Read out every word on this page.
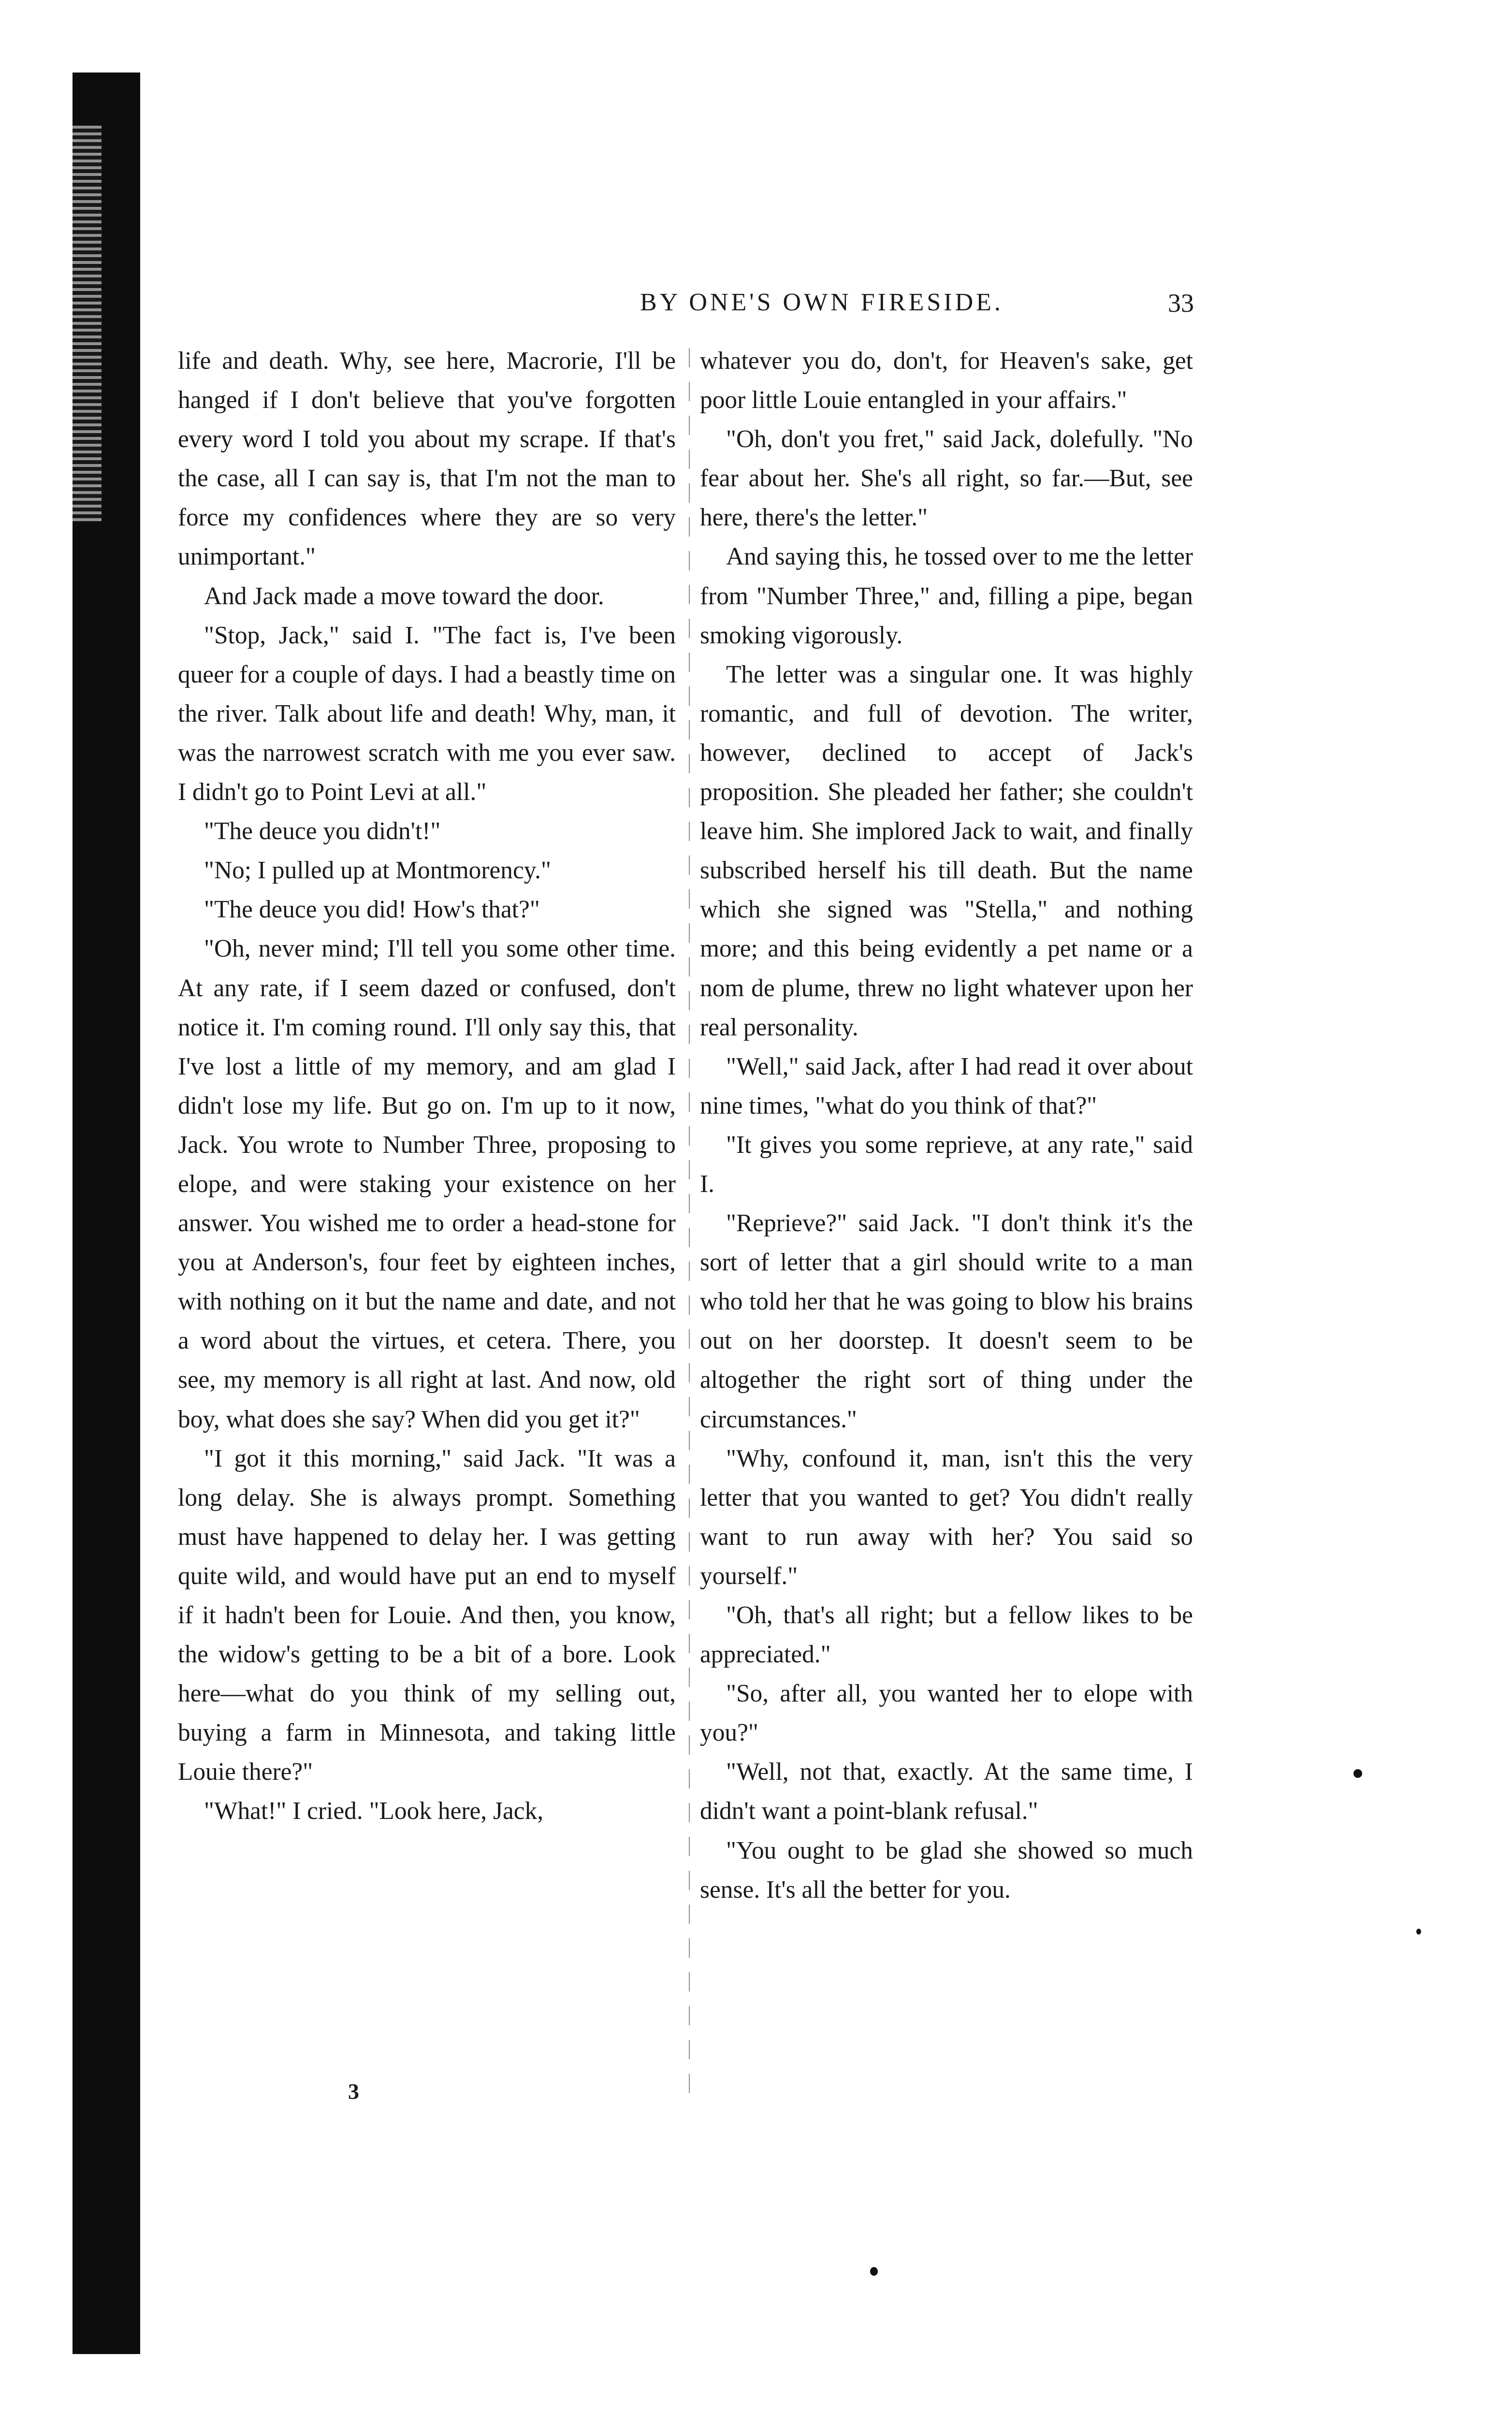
BY ONE'S OWN FIRESIDE.	33

life and death. Why, see here, Macrorie, I'll be hanged if I don't believe that you've forgotten every word I told you about my scrape. If that's the case, all I can say is, that I'm not the man to force my confidences where they are so very unimportant."

And Jack made a move toward the door.

"Stop, Jack," said I. "The fact is, I've been queer for a couple of days. I had a beastly time on the river. Talk about life and death! Why, man, it was the narrowest scratch with me you ever saw. I didn't go to Point Levi at all."

"The deuce you didn't!"

"No; I pulled up at Montmorency."

"The deuce you did! How's that?"

"Oh, never mind; I'll tell you some other time. At any rate, if I seem dazed or confused, don't notice it. I'm coming round. I'll only say this, that I've lost a little of my memory, and am glad I didn't lose my life. But go on. I'm up to it now, Jack. You wrote to Number Three, proposing to elope, and were staking your existence on her answer. You wished me to order a head-stone for you at Anderson's, four feet by eighteen inches, with nothing on it but the name and date, and not a word about the virtues, et cetera. There, you see, my memory is all right at last. And now, old boy, what does she say? When did you get it?"

"I got it this morning," said Jack. "It was a long delay. She is always prompt. Something must have happened to delay her. I was getting quite wild, and would have put an end to myself if it hadn't been for Louie. And then, you know, the widow's getting to be a bit of a bore. Look here—what do you think of my selling out, buying a farm in Minnesota, and taking little Louie there?"

"What!" I cried. "Look here, Jack,

whatever you do, don't, for Heaven's sake, get poor little Louie entangled in your affairs."

"Oh, don't you fret," said Jack, dolefully. "No fear about her. She's all right, so far.—But, see here, there's the letter."

And saying this, he tossed over to me the letter from "Number Three," and, filling a pipe, began smoking vigorously.

The letter was a singular one. It was highly romantic, and full of devotion. The writer, however, declined to accept of Jack's proposition. She pleaded her father; she couldn't leave him. She implored Jack to wait, and finally subscribed herself his till death. But the name which she signed was "Stella," and nothing more; and this being evidently a pet name or a nom de plume, threw no light whatever upon her real personality.

"Well," said Jack, after I had read it over about nine times, "what do you think of that?"

"It gives you some reprieve, at any rate," said I.

"Reprieve?" said Jack. "I don't think it's the sort of letter that a girl should write to a man who told her that he was going to blow his brains out on her doorstep. It doesn't seem to be altogether the right sort of thing under the circumstances."

"Why, confound it, man, isn't this the very letter that you wanted to get? You didn't really want to run away with her? You said so yourself."

"Oh, that's all right; but a fellow likes to be appreciated."

"So, after all, you wanted her to elope with you?"

"Well, not that, exactly. At the same time, I didn't want a point-blank refusal."

"You ought to be glad she showed so much sense. It's all the better for you.

3
